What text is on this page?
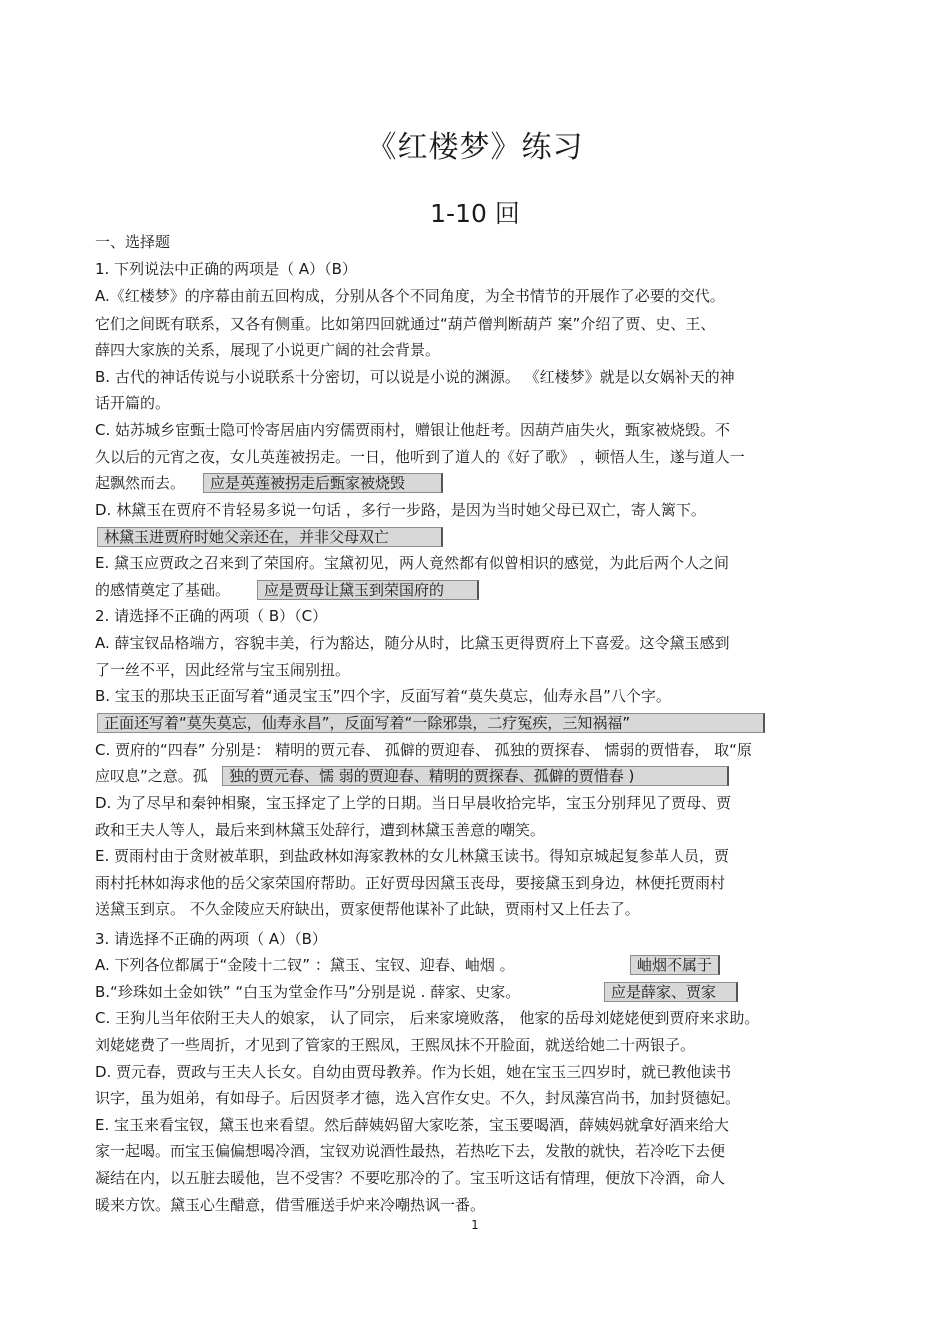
《红楼梦》练习
1-10 回
一、选择题
1. 下列说法中正确的两项是（ A）（B）
A.《红楼梦》的序幕由前五回构成，分别从各个不同角度，为全书情节的开展作了必要的交代。
它们之间既有联系，又各有侧重。比如第四回就通过“葫芦僧判断葫芦 案”介绍了贾、史、王、
薛四大家族的关系，展现了小说更广阔的社会背景。
B. 古代的神话传说与小说联系十分密切，可以说是小说的渊源。 《红楼梦》就是以女娲补天的神
话开篇的。
C. 姑苏城乡宦甄士隐可怜寄居庙内穷儒贾雨村，赠银让他赶考。因葫芦庙失火，甄家被烧毁。不
久以后的元宵之夜，女儿英莲被拐走。一日，他听到了道人的《好了歌》 ，顿悟人生，遂与道人一
起飘然而去。	应是英莲被拐走后甄家被烧毁
D. 林黛玉在贾府不肯轻易多说一句话 ，多行一步路，是因为当时她父母已双亡，寄人篱下。
林黛玉进贾府时她父亲还在，并非父母双亡
E. 黛玉应贾政之召来到了荣国府。宝黛初见，两人竟然都有似曾相识的感觉，为此后两个人之间
的感情奠定了基础。	应是贾母让黛玉到荣国府的
2. 请选择不正确的两项（ B）（C）
A. 薛宝钗品格端方，容貌丰美，行为豁达，随分从时，比黛玉更得贾府上下喜爱。这令黛玉感到
了一丝不平，因此经常与宝玉闹别扭。
B. 宝玉的那块玉正面写着“通灵宝玉”四个字，反面写着“莫失莫忘，仙寿永昌”八个字。
正面还写着“莫失莫忘，仙寿永昌”，反面写着“一除邪祟，二疗冤疾，三知祸福”
C. 贾府的“四春” 分别是： 精明的贾元春、 孤僻的贾迎春、 孤独的贾探春、 懦弱的贾惜春， 取“原
应叹息”之意。孤	独的贾元春、懦 弱的贾迎春、精明的贾探春、孤僻的贾惜春 )
D. 为了尽早和秦钟相聚，宝玉择定了上学的日期。当日早晨收拾完毕，宝玉分别拜见了贾母、贾
政和王夫人等人，最后来到林黛玉处辞行，遭到林黛玉善意的嘲笑。
E. 贾雨村由于贪财被革职，到盐政林如海家教林的女儿林黛玉读书。得知京城起复参革人员，贾
雨村托林如海求他的岳父家荣国府帮助。正好贾母因黛玉丧母，要接黛玉到身边，林便托贾雨村
送黛玉到京。 不久金陵应天府缺出，贾家便帮他谋补了此缺，贾雨村又上任去了。
3. 请选择不正确的两项（ A）（B）
A. 下列各位都属于“金陵十二钗” ：黛玉、宝钗、迎春、岫烟 。	岫烟不属于
B.“珍珠如土金如铁” “白玉为堂金作马”分别是说 . 薛家、史家。	应是薛家、贾家
C. 王狗儿当年依附王夫人的娘家， 认了同宗， 后来家境败落， 他家的岳母刘姥姥便到贾府来求助。
刘姥姥费了一些周折，才见到了管家的王熙凤，王熙凤抹不开脸面，就送给她二十两银子。
D. 贾元春，贾政与王夫人长女。自幼由贾母教养。作为长姐，她在宝玉三四岁时，就已教他读书
识字，虽为姐弟，有如母子。后因贤孝才德，选入宫作女史。不久，封凤藻宫尚书，加封贤德妃。
E. 宝玉来看宝钗，黛玉也来看望。然后薛姨妈留大家吃茶，宝玉要喝酒，薛姨妈就拿好酒来给大
家一起喝。而宝玉偏偏想喝冷酒，宝钗劝说酒性最热，若热吃下去，发散的就快，若冷吃下去便
凝结在内，以五脏去暖他，岂不受害？不要吃那冷的了。宝玉听这话有情理，便放下冷酒，命人
暖来方饮。黛玉心生醋意，借雪雁送手炉来冷嘲热讽一番。
1
